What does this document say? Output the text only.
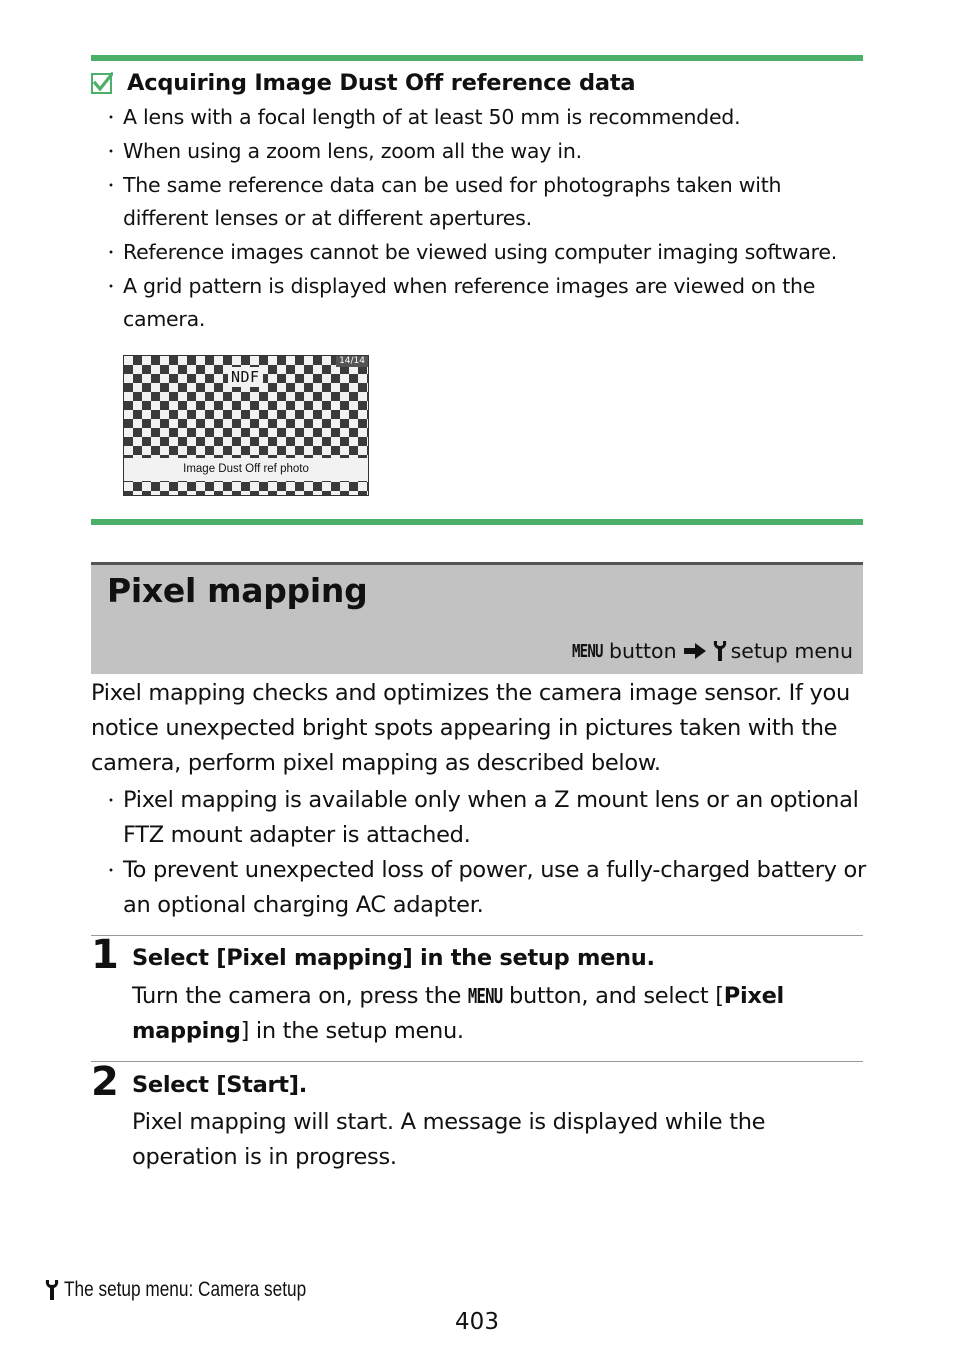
Acquiring Image Dust Off reference data
・ A lens with a focal length of at least 50 mm is recommended.
・ When using a zoom lens, zoom all the way in.
・ The same reference data can be used for photographs taken with different lenses or at different apertures.
・ Reference images cannot be viewed using computer imaging software.
・ A grid pattern is displayed when reference images are viewed on the camera.
NDF
14/14
Image Dust Off ref photo
Pixel mapping
MENU button	setup menu

Pixel mapping checks and optimizes the camera image sensor. If you notice unexpected bright spots appearing in pictures taken with the camera, perform pixel mapping as described below.

・ Pixel mapping is available only when a Z mount lens or an optional FTZ mount adapter is attached.
・ To prevent unexpected loss of power, use a fully-charged battery or an optional charging AC adapter.
1 Select [Pixel mapping] in the setup menu.

Turn the camera on, press the MENU button, and select [Pixel mapping] in the setup menu.

2 Select [Start].

Pixel mapping will start. A message is displayed while the operation is in progress.

The setup menu: Camera setup
403
